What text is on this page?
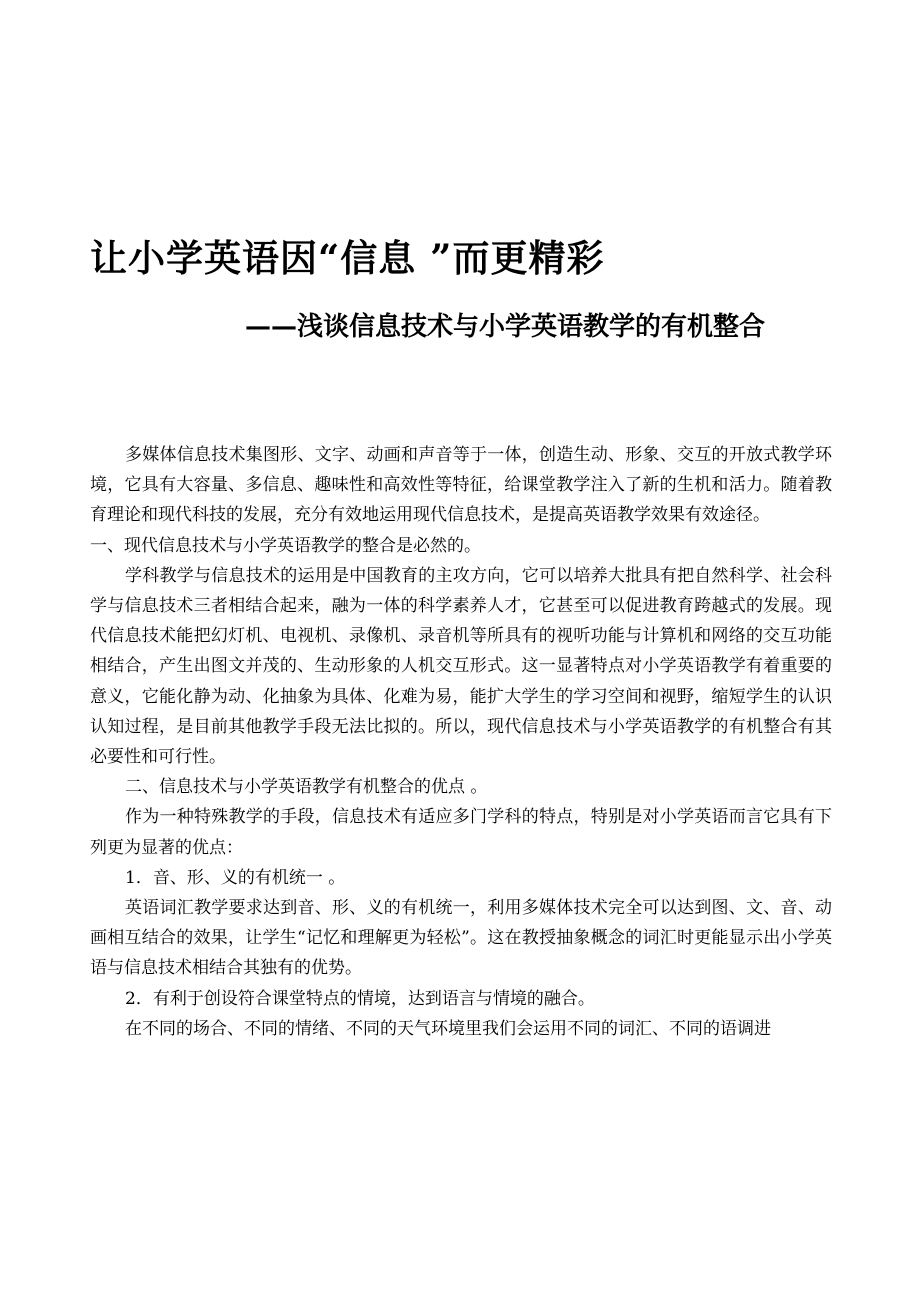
让小学英语因“信息 ”而更精彩
——浅谈信息技术与小学英语教学的有机整合

多媒体信息技术集图形、文字、动画和声音等于一体，创造生动、形象、交互的开放式教学环境，它具有大容量、多信息、趣味性和高效性等特征，给课堂教学注入了新的生机和活力。随着教育理论和现代科技的发展，充分有效地运用现代信息技术，是提高英语教学效果有效途径。

一、现代信息技术与小学英语教学的整合是必然的。

学科教学与信息技术的运用是中国教育的主攻方向，它可以培养大批具有把自然科学、社会科学与信息技术三者相结合起来，融为一体的科学素养人才，它甚至可以促进教育跨越式的发展。现代信息技术能把幻灯机、电视机、录像机、录音机等所具有的视听功能与计算机和网络的交互功能相结合，产生出图文并茂的、生动形象的人机交互形式。这一显著特点对小学英语教学有着重要的意义，它能化静为动、化抽象为具体、化难为易，能扩大学生的学习空间和视野，缩短学生的认识认知过程，是目前其他教学手段无法比拟的。所以，现代信息技术与小学英语教学的有机整合有其必要性和可行性。

二、信息技术与小学英语教学有机整合的优点 。

作为一种特殊教学的手段，信息技术有适应多门学科的特点，特别是对小学英语而言它具有下列更为显著的优点：

1．音、形、义的有机统一 。

英语词汇教学要求达到音、形、义的有机统一，利用多媒体技术完全可以达到图、文、音、动画相互结合的效果，让学生“记忆和理解更为轻松”。这在教授抽象概念的词汇时更能显示出小学英语与信息技术相结合其独有的优势。

2．有利于创设符合课堂特点的情境，达到语言与情境的融合。

在不同的场合、不同的情绪、不同的天气环境里我们会运用不同的词汇、不同的语调进
